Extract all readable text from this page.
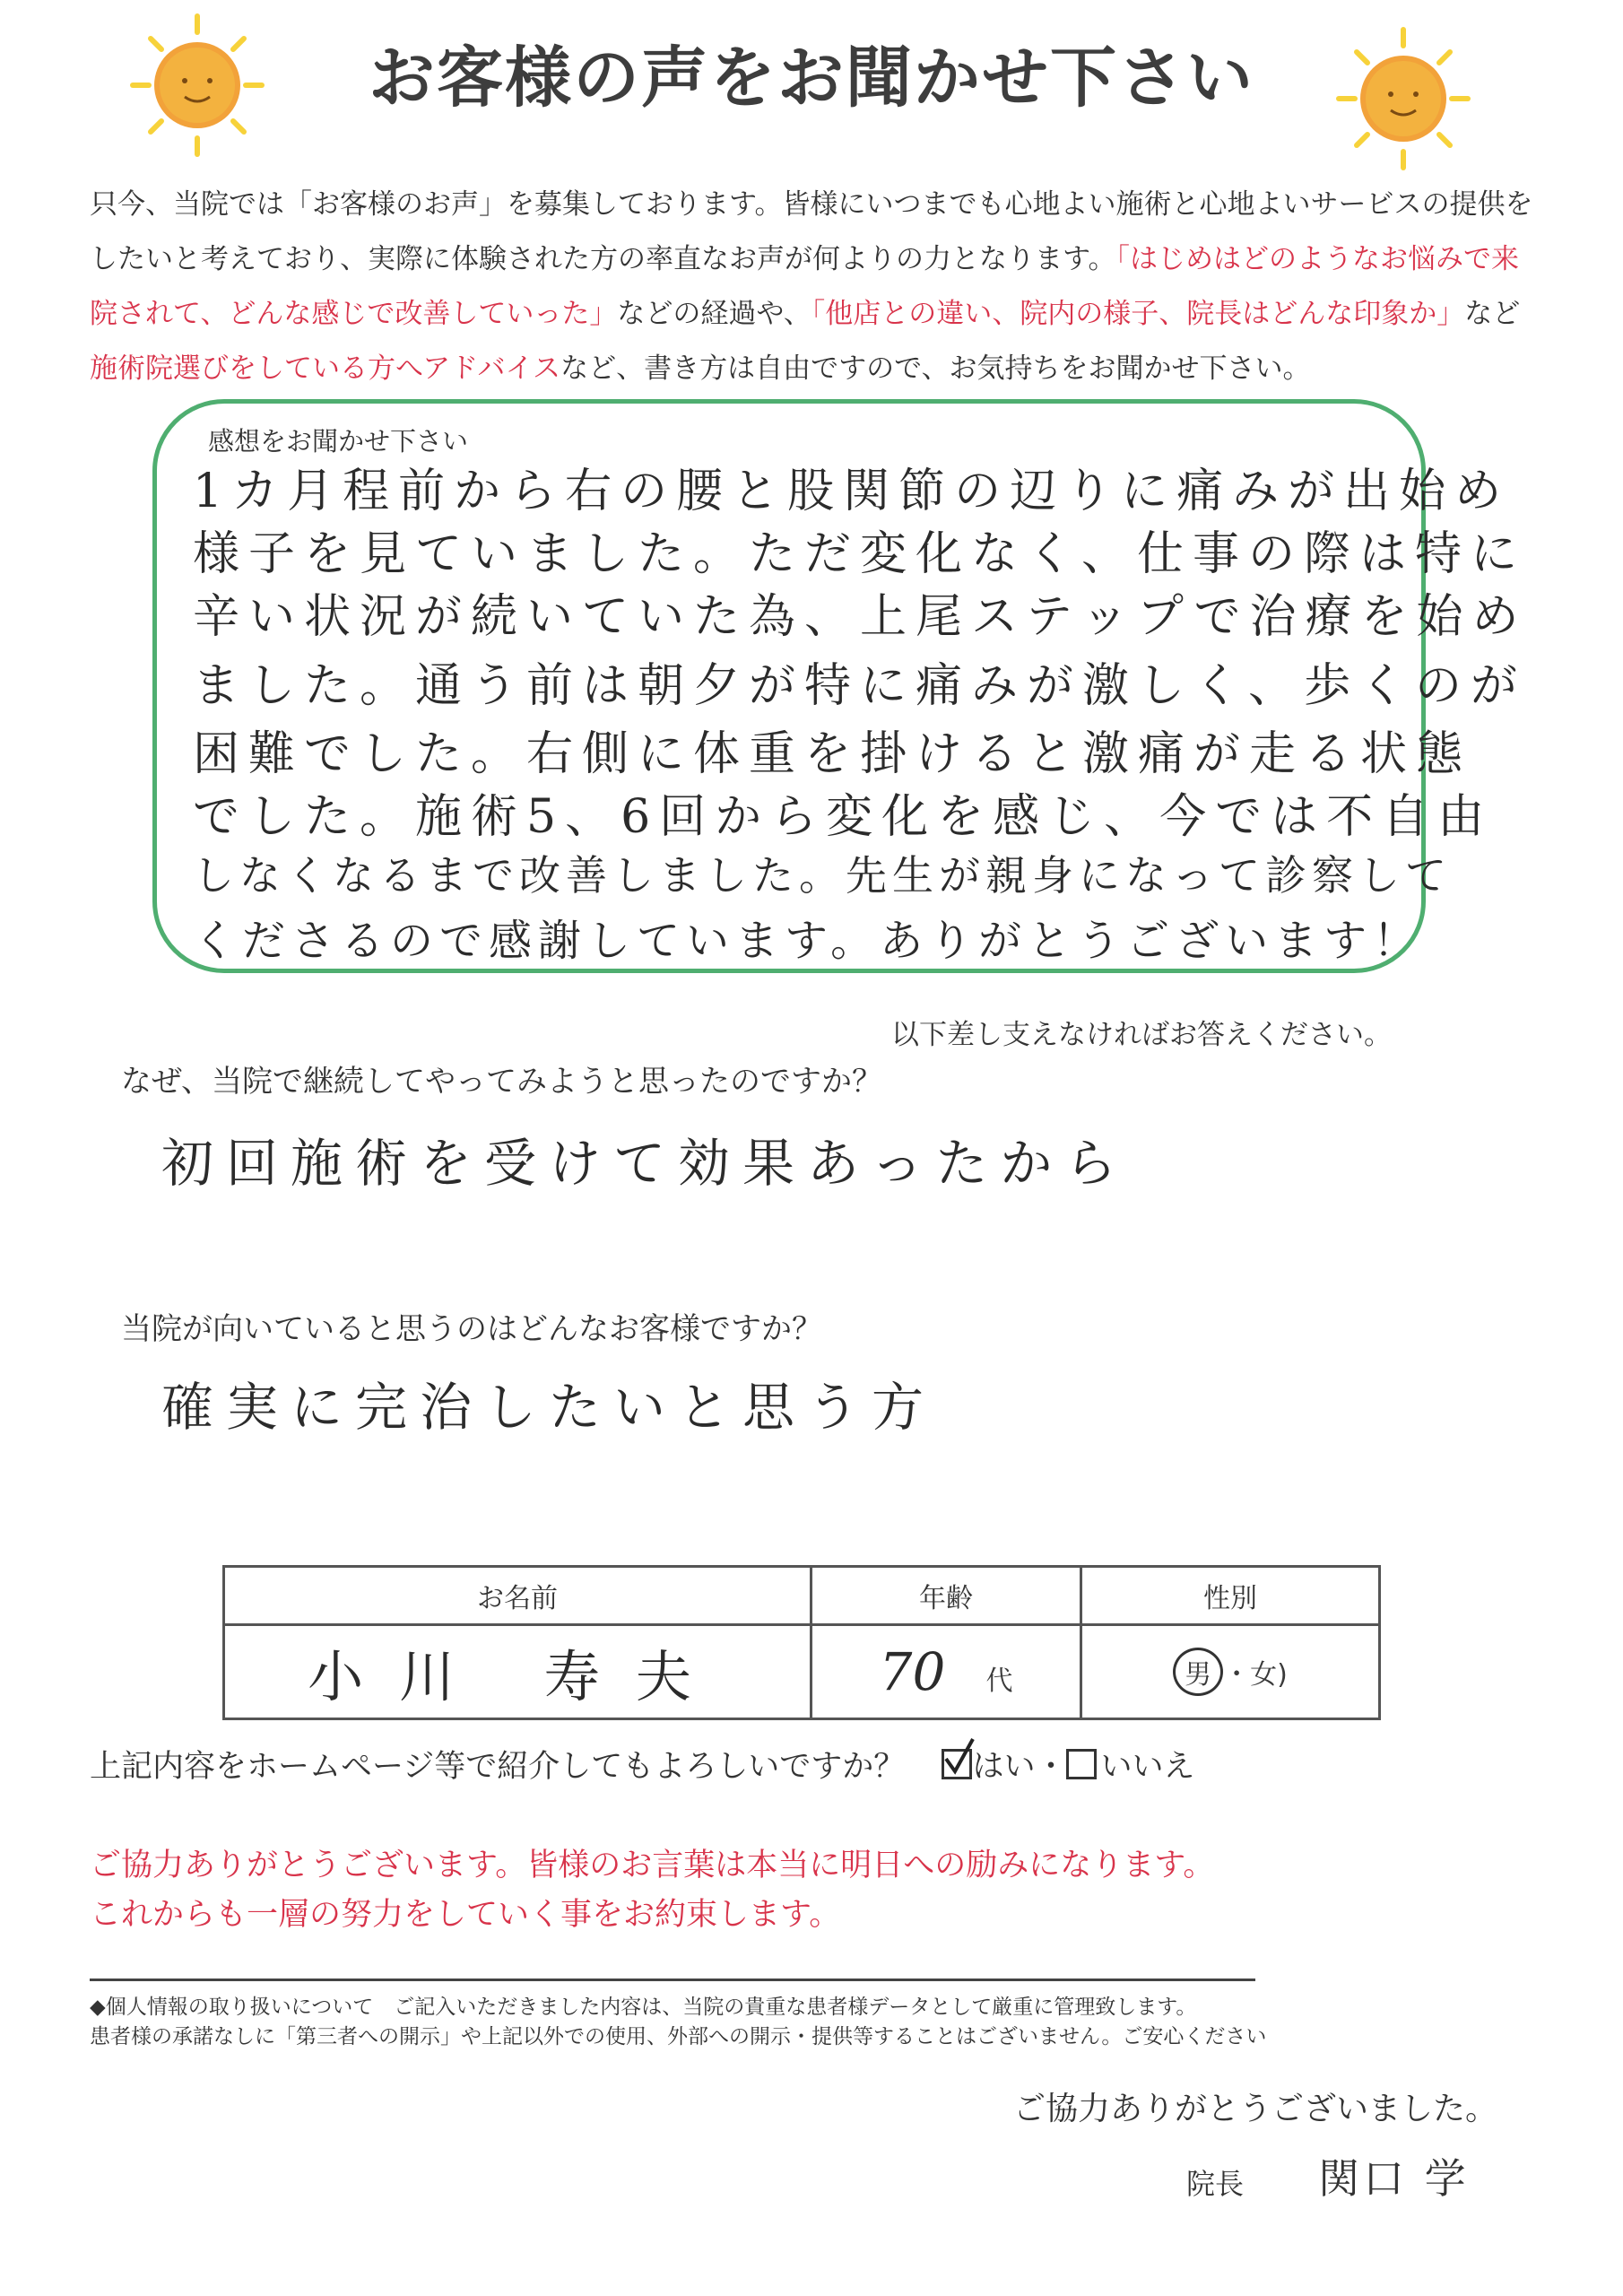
お客様の声をお聞かせ下さい
只今、当院では「お客様のお声」を募集しております。皆様にいつまでも心地よい施術と心地よいサービスの提供をしたいと考えており、実際に体験された方の率直なお声が何よりの力となります。「はじめはどのようなお悩みで来院されて、どんな感じで改善していった」などの経過や、「他店との違い、院内の様子、院長はどんな印象か」など施術院選びをしている方へアドバイスなど、書き方は自由ですので、お気持ちをお聞かせ下さい。
感想をお聞かせ下さい
1カ月程前から右の腰と股関節の辺りに痛みが出始め
様子を見ていました。ただ変化なく、仕事の際は特に
辛い状況が続いていた為、上尾ステップで治療を始め
ました。通う前は朝夕が特に痛みが激しく、歩くのが
困難でした。右側に体重を掛けると激痛が走る状態
でした。施術5、6回から変化を感じ、今では不自由
しなくなるまで改善しました。先生が親身になって診察して
くださるので感謝しています。ありがとうございます！
以下差し支えなければお答えください。
なぜ、当院で継続してやってみようと思ったのですか？
初回施術を受けて効果あったから
当院が向いていると思うのはどんなお客様ですか？
確実に完治したいと思う方
お名前	年齢	性別
小川 寿夫	70 代	男 ・女)
上記内容をホームページ等で紹介してもよろしいですか？ はい・ いいえ
ご協力ありがとうございます。皆様のお言葉は本当に明日への励みになります。
これからも一層の努力をしていく事をお約束します。
◆個人情報の取り扱いについて　ご記入いただきました内容は、当院の貴重な患者様データとして厳重に管理致します。
患者様の承諾なしに「第三者への開示」や上記以外での使用、外部への開示・提供等することはございません。ご安心ください
ご協力ありがとうございました。
院長 関口 学
